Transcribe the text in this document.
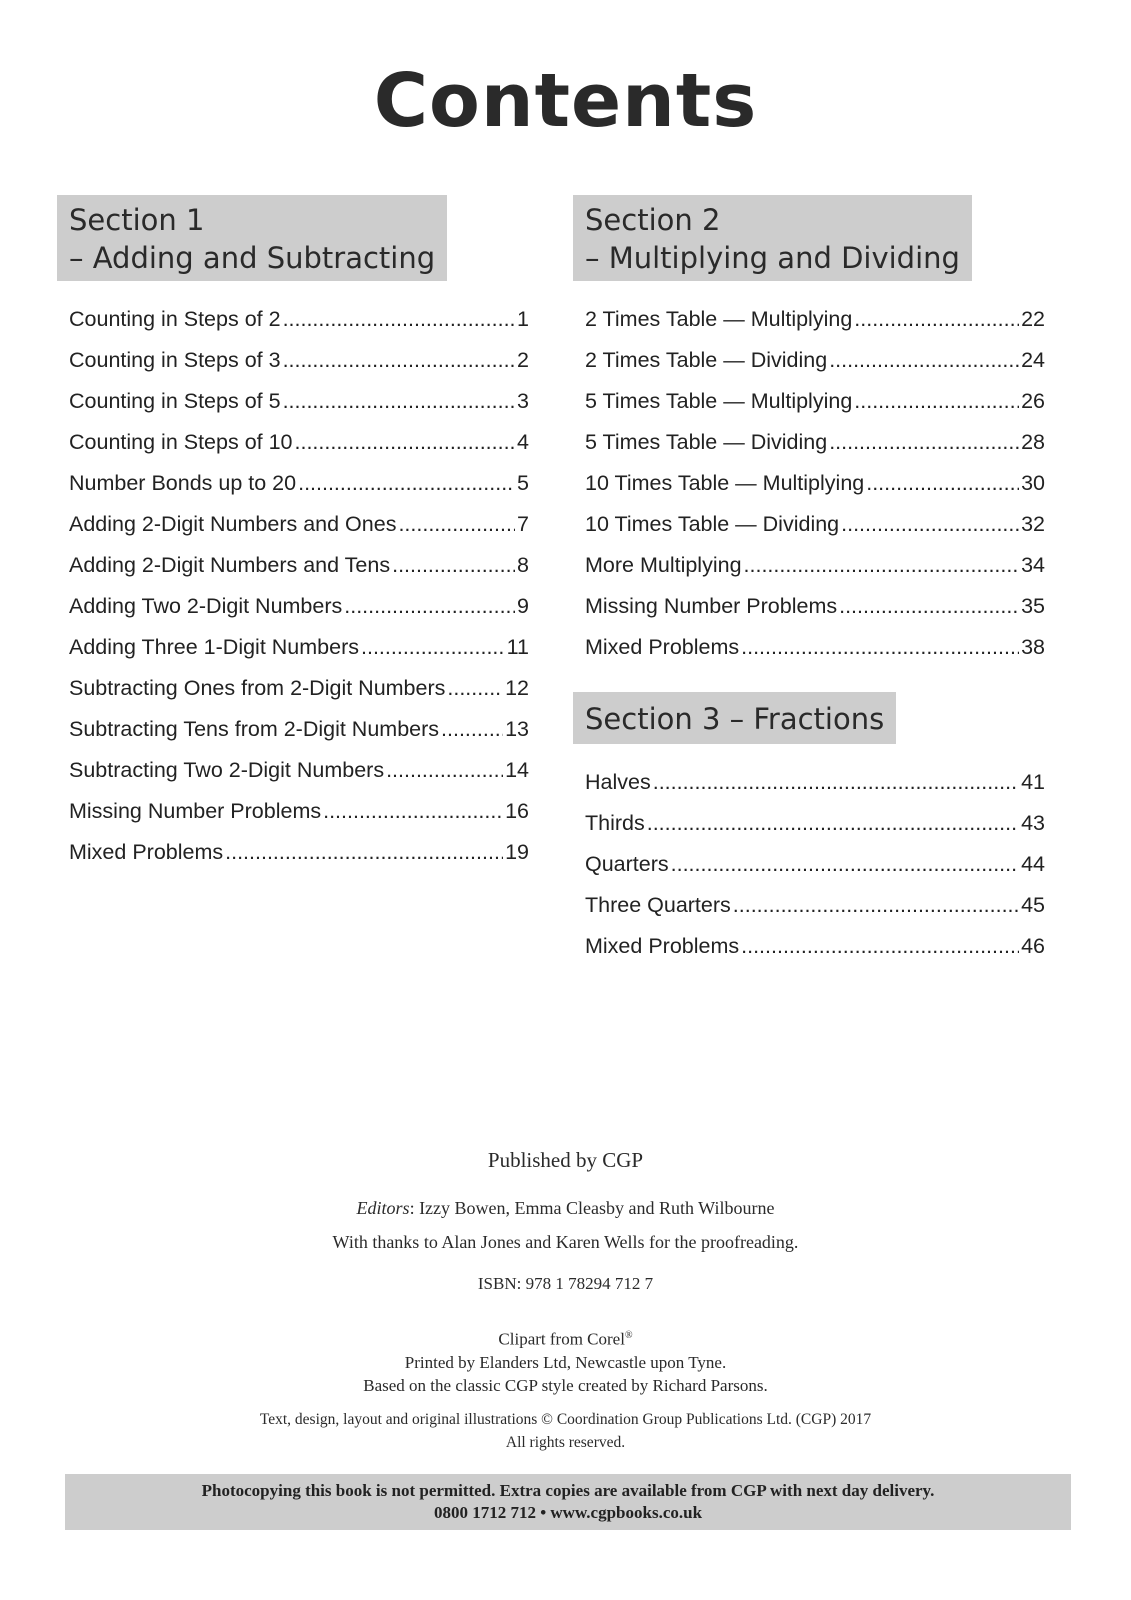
Contents
Section 1
– Adding and Subtracting
Counting in Steps of 2 .....	1
Counting in Steps of 3 .....	2
Counting in Steps of 5 .....	3
Counting in Steps of 10 .....	4
Number Bonds up to 20 .....	5
Adding 2-Digit Numbers and Ones .....	7
Adding 2-Digit Numbers and Tens .....	8
Adding Two 2-Digit Numbers .....	9
Adding Three 1-Digit Numbers .....	11
Subtracting Ones from 2-Digit Numbers .....	12
Subtracting Tens from 2-Digit Numbers .....	13
Subtracting Two 2-Digit Numbers .....	14
Missing Number Problems .....	16
Mixed Problems .....	19
Section 2
– Multiplying and Dividing
2 Times Table — Multiplying .....	22
2 Times Table — Dividing .....	24
5 Times Table — Multiplying .....	26
5 Times Table — Dividing .....	28
10 Times Table — Multiplying .....	30
10 Times Table — Dividing .....	32
More Multiplying .....	34
Missing Number Problems .....	35
Mixed Problems .....	38
Section 3 – Fractions
Halves .....	41
Thirds .....	43
Quarters .....	44
Three Quarters .....	45
Mixed Problems .....	46
Published by CGP
Editors: Izzy Bowen, Emma Cleasby and Ruth Wilbourne
With thanks to Alan Jones and Karen Wells for the proofreading.
ISBN: 978 1 78294 712 7
Clipart from Corel®
Printed by Elanders Ltd, Newcastle upon Tyne.
Based on the classic CGP style created by Richard Parsons.
Text, design, layout and original illustrations © Coordination Group Publications Ltd. (CGP) 2017
All rights reserved.
Photocopying this book is not permitted. Extra copies are available from CGP with next day delivery.
0800 1712 712 • www.cgpbooks.co.uk
